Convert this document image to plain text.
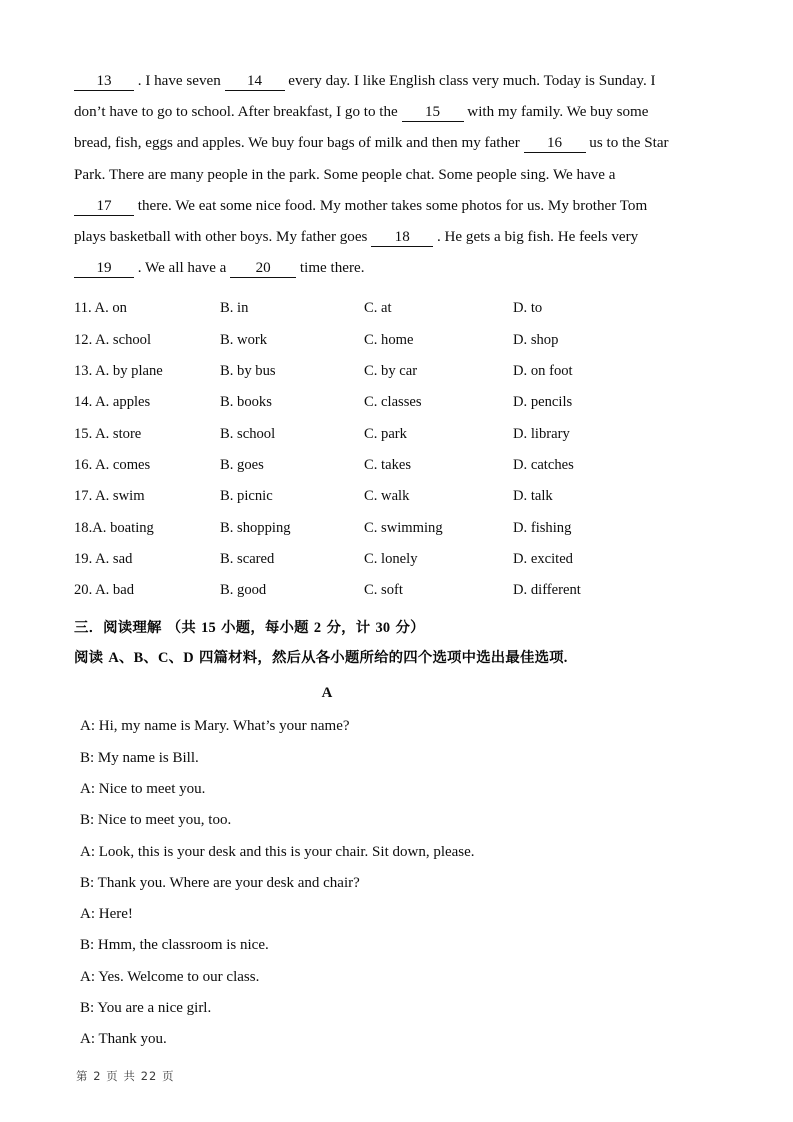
13 . I have seven 14 every day. I like English class very much. Today is Sunday. I

don’t have to go to school. After breakfast, I go to the 15 with my family. We buy some

bread, fish, eggs and apples. We buy four bags of milk and then my father 16 us to the Star

Park. There are many people in the park. Some people chat. Some people sing. We have a

17 there. We eat some nice food. My mother takes some photos for us. My brother Tom

plays basketball with other boys. My father goes 18 . He gets a big fish. He feels very

19 . We all have a 20 time there.

11. A. on	B. in	C. at	D. to
12. A. school	B. work	C. home	D. shop
13. A. by plane	B. by bus	C. by car	D. on foot
14. A. apples	B. books	C. classes	D. pencils
15. A. store	B. school	C. park	D. library
16. A. comes	B. goes	C. takes	D. catches
17. A. swim	B. picnic	C. walk	D. talk
18.A. boating	B. shopping	C. swimming	D. fishing
19. A. sad	B. scared	C. lonely	D. excited
20. A. bad	B. good	C. soft	D. different
三．阅读理解 （共 15 小题，每小题 2 分，计 30 分）
阅读 A、B、C、D 四篇材料，然后从各小题所给的四个选项中选出最佳选项.
A
A: Hi, my name is Mary. What’s your name?
B: My name is Bill.
A: Nice to meet you.
B: Nice to meet you, too.
A: Look, this is your desk and this is your chair. Sit down, please.
B: Thank you. Where are your desk and chair?
A: Here!
B: Hmm, the classroom is nice.
A: Yes. Welcome to our class.
B: You are a nice girl.
A: Thank you.
第 2 页 共 22 页
